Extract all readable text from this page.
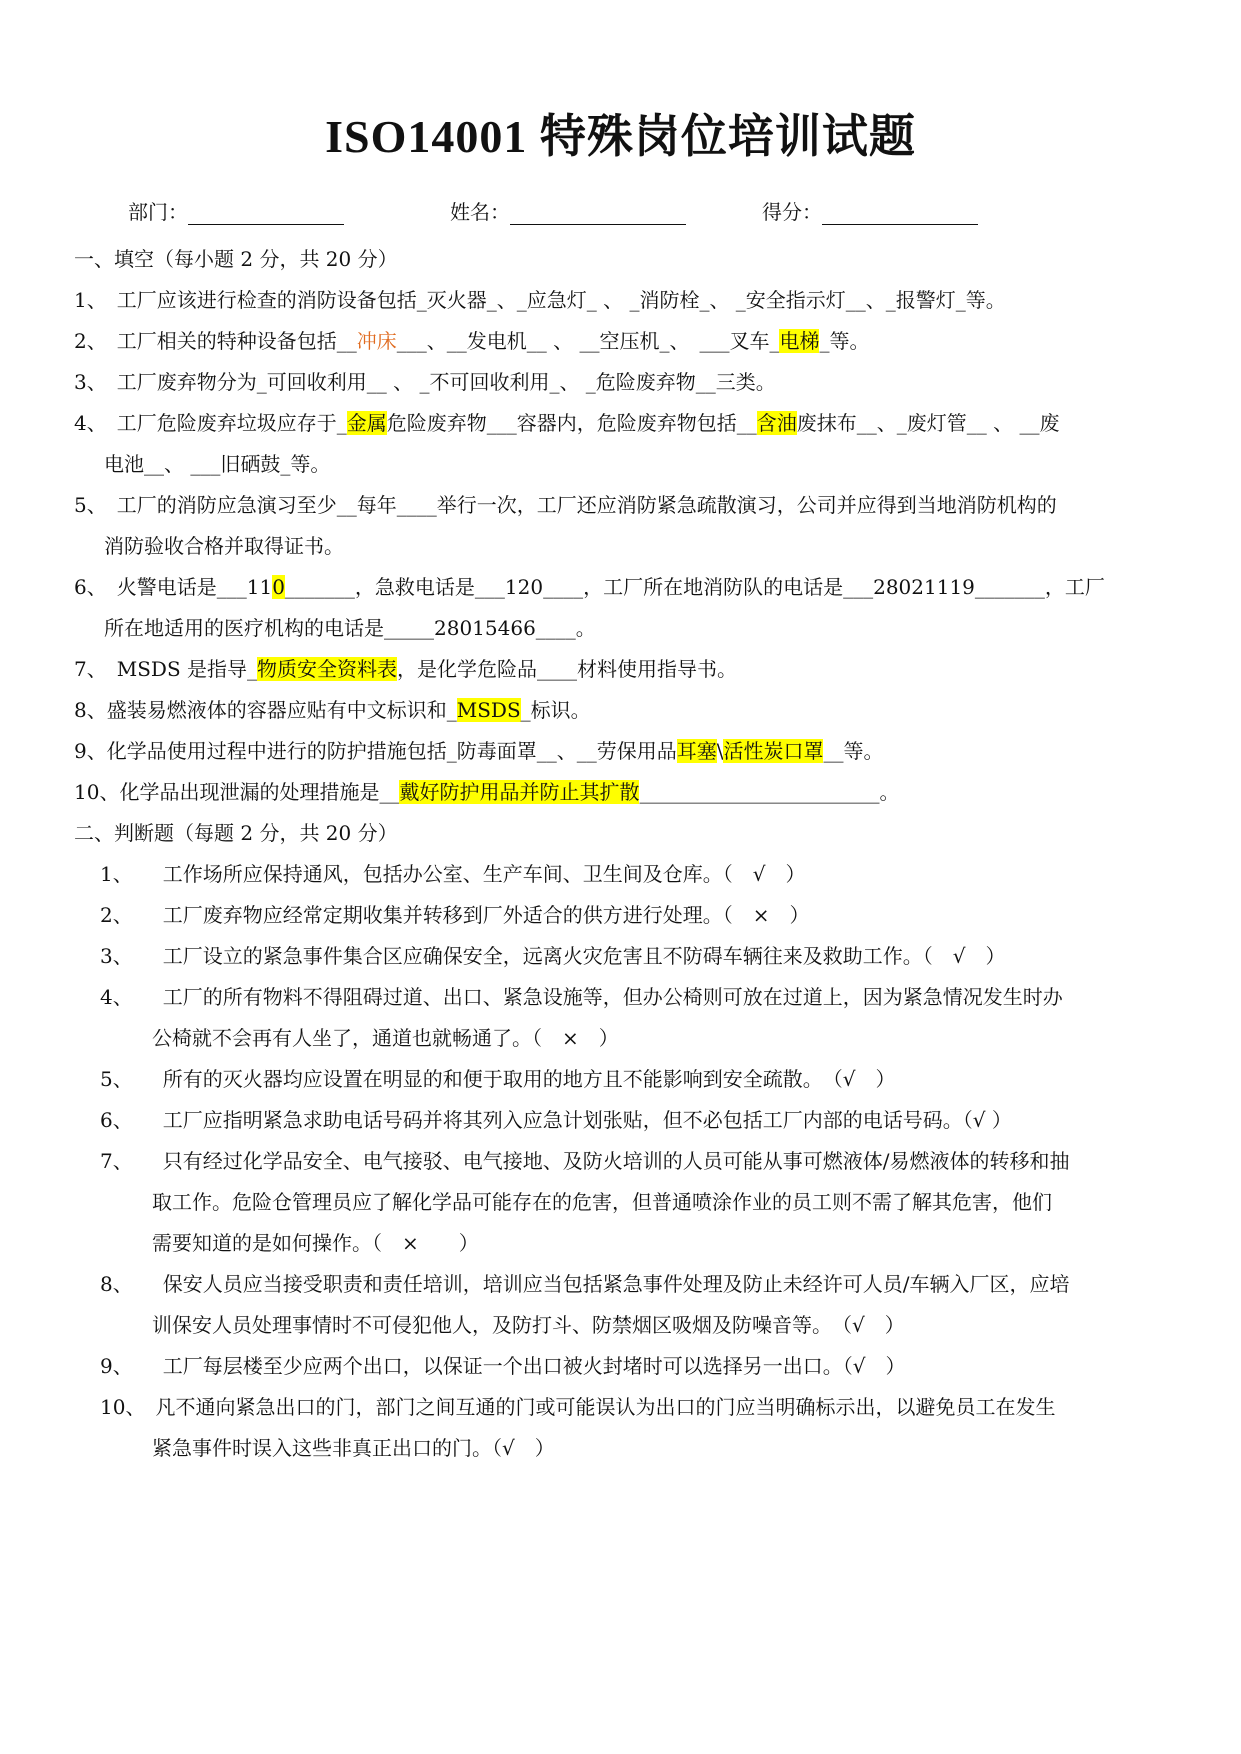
ISO14001 特殊岗位培训试题
部门：	姓名：	得分：
一、填空（每小题 2 分，共 20 分）
1、　工厂应该进行检查的消防设备包括_灭火器_、_应急灯_ 、 _消防栓_、 _安全指示灯__、_报警灯_等。
2、　工厂相关的特种设备包括__冲床___、__发电机__ 、 __空压机_、　___叉车_电梯_等。
3、　工厂废弃物分为_可回收利用__ 、 _不可回收利用_、 _危险废弃物__三类。
4、　工厂危险废弃垃圾应存于_金属危险废弃物___容器内，危险废弃物包括__含油废抹布__、_废灯管__ 、 __废
电池__、 ___旧硒鼓_等。
5、　工厂的消防应急演习至少__每年____举行一次，工厂还应消防紧急疏散演习，公司并应得到当地消防机构的
消防验收合格并取得证书。
6、　火警电话是___110_______，急救电话是___120____，工厂所在地消防队的电话是___28021119_______，工厂
所在地适用的医疗机构的电话是_____28015466____。
7、　MSDS 是指导_物质安全资料表，是化学危险品____材料使用指导书。
8、盛装易燃液体的容器应贴有中文标识和_MSDS_标识。
9、化学品使用过程中进行的防护措施包括_防毒面罩__、__劳保用品耳塞\活性炭口罩__等。
10、化学品出现泄漏的处理措施是__戴好防护用品并防止其扩散________________________。
二、判断题（每题 2 分，共 20 分）
1、　　工作场所应保持通风，包括办公室、生产车间、卫生间及仓库。（　√　）
2、　　工厂废弃物应经常定期收集并转移到厂外适合的供方进行处理。（　×　）
3、　　工厂设立的紧急事件集合区应确保安全，远离火灾危害且不防碍车辆往来及救助工作。（　√　）
4、　　工厂的所有物料不得阻碍过道、出口、紧急设施等，但办公椅则可放在过道上，因为紧急情况发生时办
公椅就不会再有人坐了，通道也就畅通了。（　×　）
5、　　所有的灭火器均应设置在明显的和便于取用的地方且不能影响到安全疏散。　（√　）
6、　　工厂应指明紧急求助电话号码并将其列入应急计划张贴，但不必包括工厂内部的电话号码。（√ ）
7、　　只有经过化学品安全、电气接驳、电气接地、及防火培训的人员可能从事可燃液体/易燃液体的转移和抽
取工作。危险仓管理员应了解化学品可能存在的危害，但普通喷涂作业的员工则不需了解其危害，他们
需要知道的是如何操作。（　×　　）
8、　　保安人员应当接受职责和责任培训，培训应当包括紧急事件处理及防止未经许可人员/车辆入厂区，应培
训保安人员处理事情时不可侵犯他人，及防打斗、防禁烟区吸烟及防噪音等。　（√　）
9、　　工厂每层楼至少应两个出口，以保证一个出口被火封堵时可以选择另一出口。（√　）
10、　凡不通向紧急出口的门，部门之间互通的门或可能误认为出口的门应当明确标示出，以避免员工在发生
紧急事件时误入这些非真正出口的门。（√　）
